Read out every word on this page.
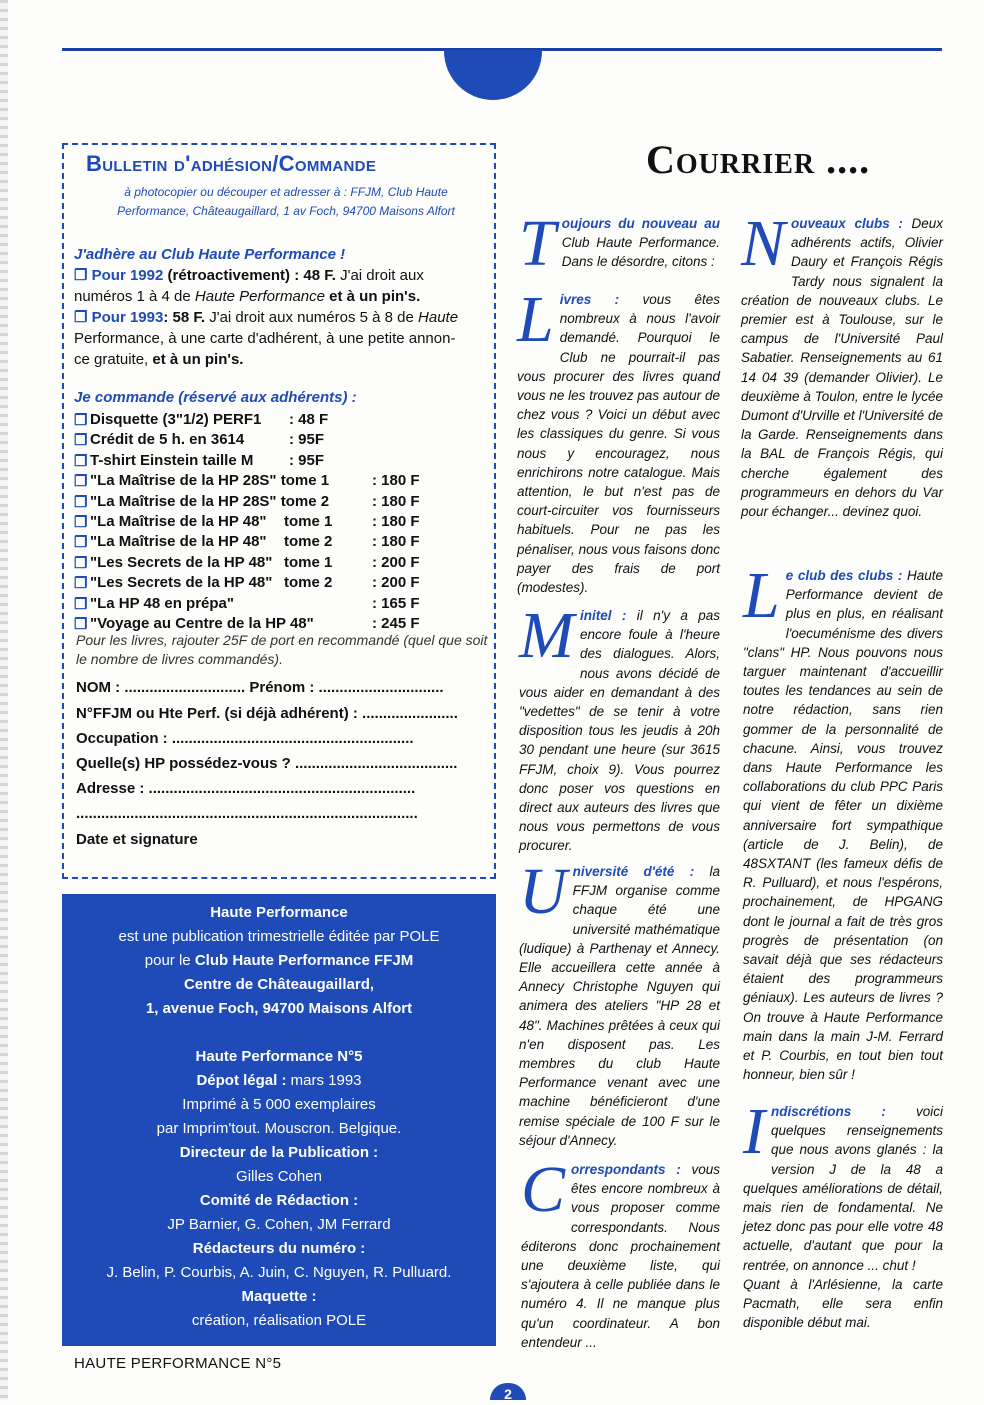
Bulletin d'adhésion/Commande
à photocopier ou découper et adresser à : FFJM, Club Haute
Performance, Châteaugaillard, 1 av Foch, 94700 Maisons Alfort
J'adhère au Club Haute Performance !
❐ Pour 1992 (rétroactivement) : 48 F. J'ai droit aux
numéros 1 à 4 de Haute Performance et à un pin's.
❐ Pour 1993: 58 F. J'ai droit aux numéros 5 à 8 de Haute
Performance, à une carte d'adhérent, à une petite annon-
ce gratuite, et à un pin's.
Je commande (réservé aux adhérents) :
❐ Disquette (3"1/2) PERF1 : 48 F
❐ Crédit de 5 h. en 3614	: 95F
❐ T-shirt Einstein taille M : 95F
❐ "La Maîtrise de la HP 28S" tome 1	: 180 F
❐ "La Maîtrise de la HP 28S" tome 2	: 180 F
❐ "La Maîtrise de la HP 48" tome 1	: 180 F
❐ "La Maîtrise de la HP 48" tome 2	: 180 F
❐ "Les Secrets de la HP 48" tome 1	: 200 F
❐ "Les Secrets de la HP 48" tome 2	: 200 F
❐ "La HP 48 en prépa"	: 165 F
❐ "Voyage au Centre de la HP 48"	: 245 F
Pour les livres, rajouter 25F de port en recommandé (quel que soit le nombre de livres commandés).
NOM : ............................. Prénom : ..............................
N°FFJM ou Hte Perf. (si déjà adhérent) : .......................
Occupation : ..........................................................
Quelle(s) HP possédez-vous ? .......................................
Adresse : ................................................................
..................................................................................
Date et signature
Haute Performance
est une publication trimestrielle éditée par POLE
pour le Club Haute Performance FFJM
Centre de Châteaugaillard,
1, avenue Foch, 94700 Maisons Alfort
Haute Performance N°5
Dépot légal : mars 1993
Imprimé à 5 000 exemplaires
par Imprim'tout. Mouscron. Belgique.
Directeur de la Publication :
Gilles Cohen
Comité de Rédaction :
JP Barnier, G. Cohen, JM Ferrard
Rédacteurs du numéro :
J. Belin, P. Courbis, A. Juin, C. Nguyen, R. Pulluard.
Maquette :
création, réalisation POLE
HAUTE PERFORMANCE N°5
2
Courrier ....
Toujours du nouveau au Club Haute Performance. Dans le désordre, citons :
Livres : vous êtes nombreux à nous l'avoir demandé. Pourquoi le Club ne pourrait-il pas vous procurer des livres quand vous ne les trouvez pas autour de chez vous ? Voici un début avec les classiques du genre. Si vous nous y encouragez, nous enrichirons notre catalogue. Mais attention, le but n'est pas de court-circuiter vos fournisseurs habituels. Pour ne pas les pénaliser, nous vous faisons donc payer des frais de port (modestes).
Minitel : il n'y a pas encore foule à l'heure des dialogues. Alors, nous avons décidé de vous aider en demandant à des "vedettes" de se tenir à votre disposition tous les jeudis à 20h 30 pendant une heure (sur 3615 FFJM, choix 9). Vous pourrez donc poser vos questions en direct aux auteurs des livres que nous vous permettons de vous procurer.
Université d'été : la FFJM organise comme chaque été une université mathématique (ludique) à Parthenay et Annecy. Elle accueillera cette année à Annecy Christophe Nguyen qui animera des ateliers "HP 28 et 48". Machines prêtées à ceux qui n'en disposent pas. Les membres du club Haute Performance venant avec une machine bénéficieront d'une remise spéciale de 100 F sur le séjour d'Annecy.
Correspondants : vous êtes encore nombreux à vous proposer comme correspondants. Nous éditerons donc prochainement une deuxième liste, qui s'ajoutera à celle publiée dans le numéro 4. Il ne manque plus qu'un coordinateur. A bon entendeur ...
Nouveaux clubs : Deux adhérents actifs, Olivier Daury et François Régis Tardy nous signalent la création de nouveaux clubs. Le premier est à Toulouse, sur le campus de l'Université Paul Sabatier. Renseignements au 61 14 04 39 (demander Olivier). Le deuxième à Toulon, entre le lycée Dumont d'Urville et l'Université de la Garde. Renseignements dans la BAL de François Régis, qui cherche également des programmeurs en dehors du Var pour échanger... devinez quoi.
Le club des clubs : Haute Performance devient de plus en plus, en réalisant l'oecuménisme des divers "clans" HP. Nous pouvons nous targuer maintenant d'accueillir toutes les tendances au sein de notre rédaction, sans rien gommer de la personnalité de chacune. Ainsi, vous trouvez dans Haute Performance les collaborations du club PPC Paris qui vient de fêter un dixième anniversaire fort sympathique (article de J. Belin), de 48SXTANT (les fameux défis de R. Pulluard), et nous l'espérons, prochainement, de HPGANG dont le journal a fait de très gros progrès de présentation (on savait déjà que ses rédacteurs étaient des programmeurs géniaux). Les auteurs de livres ? On trouve à Haute Performance main dans la main J-M. Ferrard et P. Courbis, en tout bien tout honneur, bien sûr !
Indiscrétions : voici quelques renseignements que nous avons glanés : la version J de la 48 a quelques améliorations de détail, mais rien de fondamental. Ne jetez donc pas pour elle votre 48 actuelle, d'autant que pour la rentrée, on annonce ... chut !
Quant à l'Arlésienne, la carte Pacmath, elle sera enfin disponible début mai.
